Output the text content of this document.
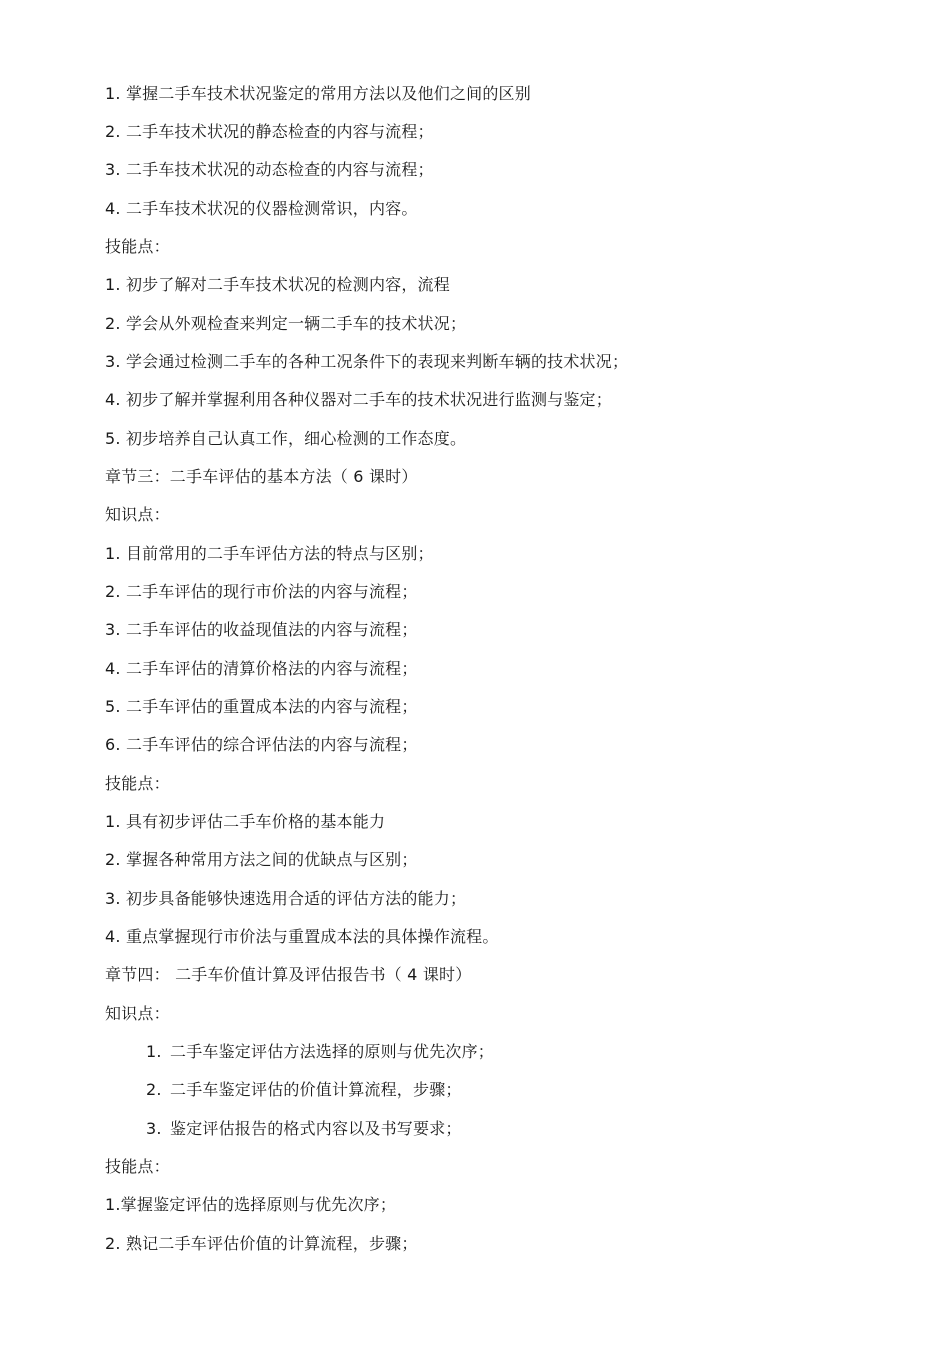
1. 掌握二手车技术状况鉴定的常用方法以及他们之间的区别
2. 二手车技术状况的静态检查的内容与流程；
3. 二手车技术状况的动态检查的内容与流程；
4. 二手车技术状况的仪器检测常识，内容。
技能点：
1. 初步了解对二手车技术状况的检测内容，流程
2. 学会从外观检查来判定一辆二手车的技术状况；
3. 学会通过检测二手车的各种工况条件下的表现来判断车辆的技术状况；
4. 初步了解并掌握利用各种仪器对二手车的技术状况进行监测与鉴定；
5. 初步培养自己认真工作，细心检测的工作态度。
章节三：二手车评估的基本方法（ 6 课时）
知识点：
1. 目前常用的二手车评估方法的特点与区别；
2. 二手车评估的现行市价法的内容与流程；
3. 二手车评估的收益现值法的内容与流程；
4. 二手车评估的清算价格法的内容与流程；
5. 二手车评估的重置成本法的内容与流程；
6. 二手车评估的综合评估法的内容与流程；
技能点：
1. 具有初步评估二手车价格的基本能力
2. 掌握各种常用方法之间的优缺点与区别；
3. 初步具备能够快速选用合适的评估方法的能力；
4. 重点掌握现行市价法与重置成本法的具体操作流程。
章节四： 二手车价值计算及评估报告书（ 4 课时）
知识点：
1. 二手车鉴定评估方法选择的原则与优先次序；
2. 二手车鉴定评估的价值计算流程，步骤；
3. 鉴定评估报告的格式内容以及书写要求；
技能点：
1.掌握鉴定评估的选择原则与优先次序；
2. 熟记二手车评估价值的计算流程，步骤；
